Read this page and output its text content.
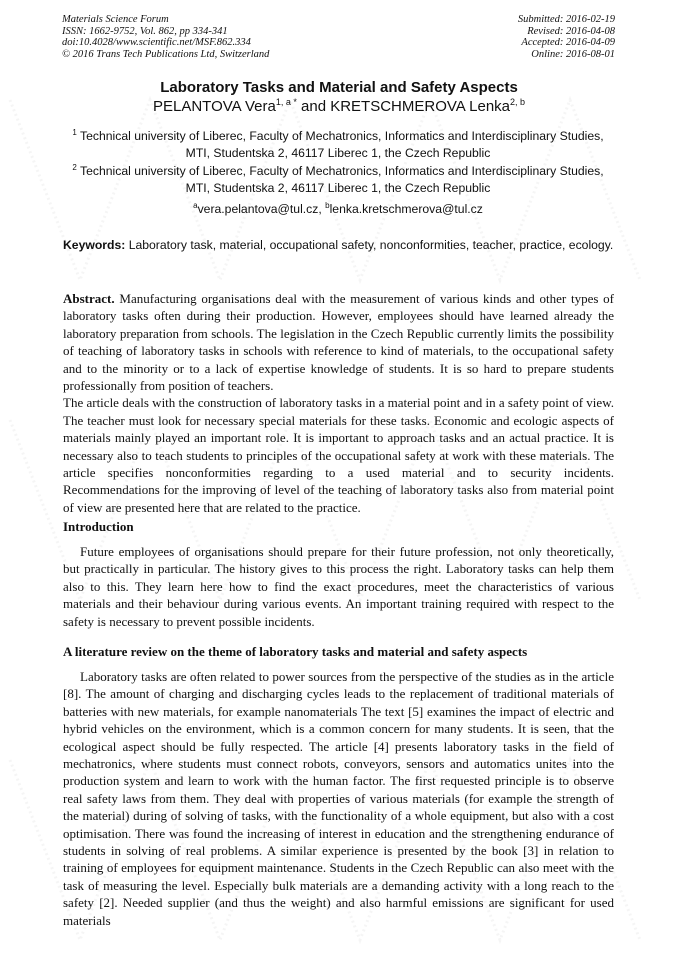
Materials Science Forum
ISSN: 1662-9752, Vol. 862, pp 334-341
doi:10.4028/www.scientific.net/MSF.862.334
© 2016 Trans Tech Publications Ltd, Switzerland
Submitted: 2016-02-19
Revised: 2016-04-08
Accepted: 2016-04-09
Online: 2016-08-01
Laboratory Tasks and Material and Safety Aspects
PELANTOVA Vera$^{1, a *}$ and KRETSCHMEROVA Lenka$^{2, b}$
$^1$ Technical university of Liberec, Faculty of Mechatronics, Informatics and Interdisciplinary Studies, MTI, Studentska 2, 46117 Liberec 1, the Czech Republic
$^2$ Technical university of Liberec, Faculty of Mechatronics, Informatics and Interdisciplinary Studies, MTI, Studentska 2, 46117 Liberec 1, the Czech Republic
$^a$vera.pelantova@tul.cz, $^b$lenka.kretschmerova@tul.cz
Keywords: Laboratory task, material, occupational safety, nonconformities, teacher, practice, ecology.

Abstract. Manufacturing organisations deal with the measurement of various kinds and other types of laboratory tasks often during their production. However, employees should have learned already the laboratory preparation from schools. The legislation in the Czech Republic currently limits the possibility of teaching of laboratory tasks in schools with reference to kind of materials, to the occupational safety and to the minority or to a lack of expertise knowledge of students. It is so hard to prepare students professionally from position of teachers.

The article deals with the construction of laboratory tasks in a material point and in a safety point of view. The teacher must look for necessary special materials for these tasks. Economic and ecologic aspects of materials mainly played an important role. It is important to approach tasks and an actual practice. It is necessary also to teach students to principles of the occupational safety at work with these materials. The article specifies nonconformities regarding to a used material and to security incidents. Recommendations for the improving of level of the teaching of laboratory tasks also from material point of view are presented here that are related to the practice.

Introduction

Future employees of organisations should prepare for their future profession, not only theoretically, but practically in particular. The history gives to this process the right. Laboratory tasks can help them also to this. They learn here how to find the exact procedures, meet the characteristics of various materials and their behaviour during various events. An important training required with respect to the safety is necessary to prevent possible incidents.

A literature review on the theme of laboratory tasks and material and safety aspects

Laboratory tasks are often related to power sources from the perspective of the studies as in the article [8]. The amount of charging and discharging cycles leads to the replacement of traditional materials of batteries with new materials, for example nanomaterials The text [5] examines the impact of electric and hybrid vehicles on the environment, which is a common concern for many students. It is seen, that the ecological aspect should be fully respected. The article [4] presents laboratory tasks in the field of mechatronics, where students must connect robots, conveyors, sensors and automatics unites into the production system and learn to work with the human factor. The first requested principle is to observe real safety laws from them. They deal with properties of various materials (for example the strength of the material) during of solving of tasks, with the functionality of a whole equipment, but also with a cost optimisation. There was found the increasing of interest in education and the strengthening endurance of students in solving of real problems. A similar experience is presented by the book [3] in relation to training of employees for equipment maintenance. Students in the Czech Republic can also meet with the task of measuring the level. Especially bulk materials are a demanding activity with a long reach to the safety [2]. Needed supplier (and thus the weight) and also harmful emissions are significant for used materials
